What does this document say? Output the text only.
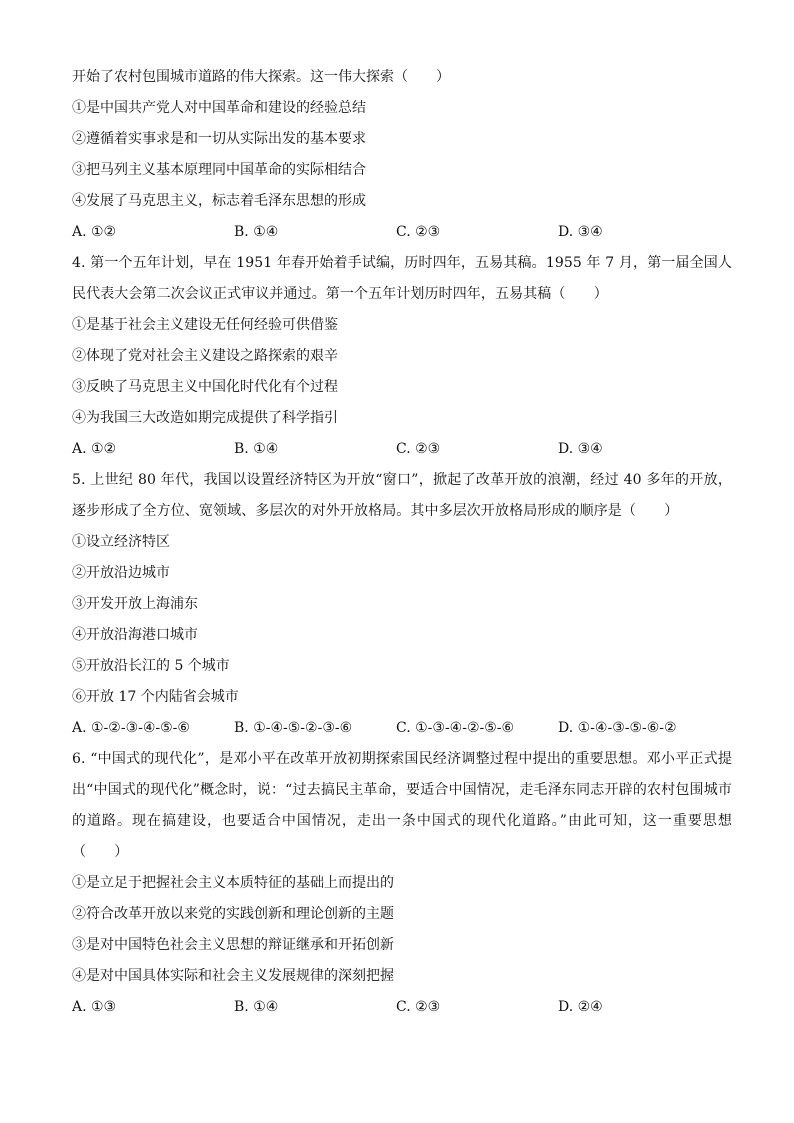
开始了农村包围城市道路的伟大探索。这一伟大探索（　　）
①是中国共产党人对中国革命和建设的经验总结
②遵循着实事求是和一切从实际出发的基本要求
③把马列主义基本原理同中国革命的实际相结合
④发展了马克思主义，标志着毛泽东思想的形成
A. ①②	B. ①④	C. ②③	D. ③④
4. 第一个五年计划，早在 1951 年春开始着手试编，历时四年，五易其稿。1955 年 7 月，第一届全国人民代表大会第二次会议正式审议并通过。第一个五年计划历时四年，五易其稿（　　）
①是基于社会主义建设无任何经验可供借鉴
②体现了党对社会主义建设之路探索的艰辛
③反映了马克思主义中国化时代化有个过程
④为我国三大改造如期完成提供了科学指引
A. ①②	B. ①④	C. ②③	D. ③④
5. 上世纪 80 年代，我国以设置经济特区为开放“窗口”，掀起了改革开放的浪潮，经过 40 多年的开放，逐步形成了全方位、宽领域、多层次的对外开放格局。其中多层次开放格局形成的顺序是（　　）
①设立经济特区
②开放沿边城市
③开发开放上海浦东
④开放沿海港口城市
⑤开放沿长江的 5 个城市
⑥开放 17 个内陆省会城市
A. ①-②-③-④-⑤-⑥	B. ①-④-⑤-②-③-⑥	C. ①-③-④-②-⑤-⑥	D. ①-④-③-⑤-⑥-②
6. “中国式的现代化”，是邓小平在改革开放初期探索国民经济调整过程中提出的重要思想。邓小平正式提出“中国式的现代化”概念时，说：“过去搞民主革命，要适合中国情况，走毛泽东同志开辟的农村包围城市的道路。现在搞建设，也要适合中国情况，走出一条中国式的现代化道路。”由此可知，这一重要思想（　　）
①是立足于把握社会主义本质特征的基础上而提出的
②符合改革开放以来党的实践创新和理论创新的主题
③是对中国特色社会主义思想的辩证继承和开拓创新
④是对中国具体实际和社会主义发展规律的深刻把握
A. ①③	B. ①④	C. ②③	D. ②④
